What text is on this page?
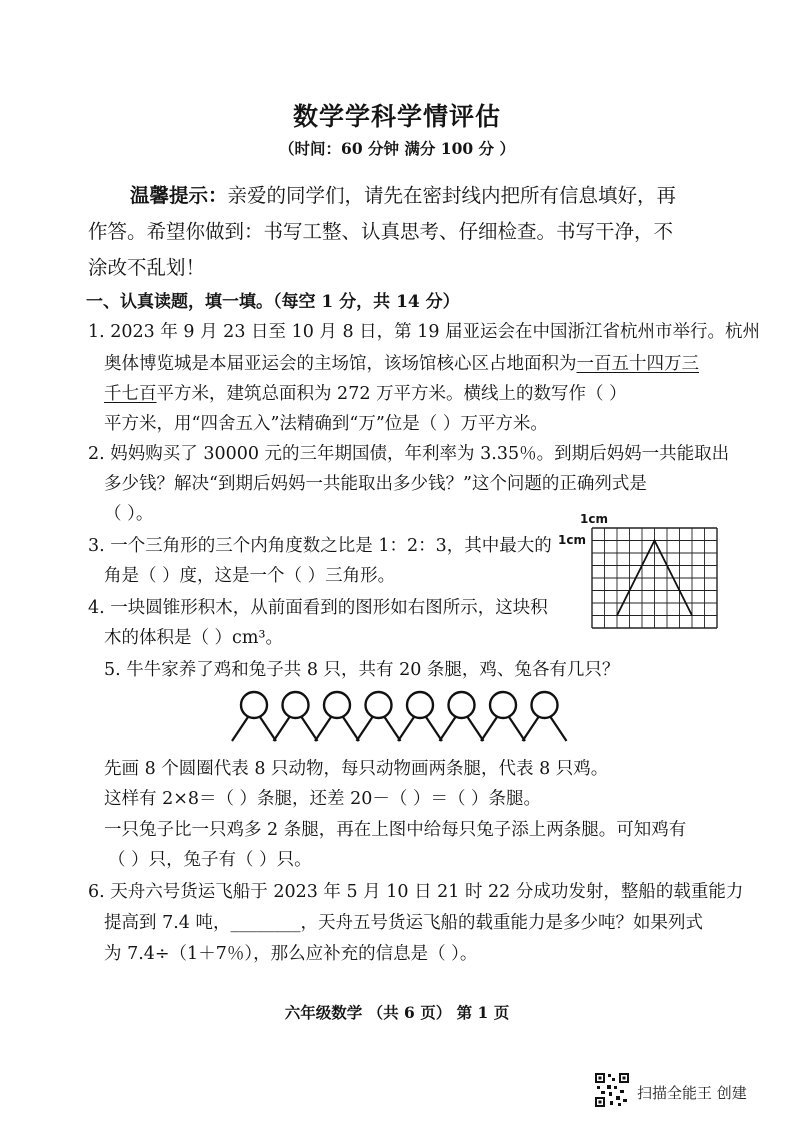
数学学科学情评估
（时间：60 分钟 满分 100 分 ）
温馨提示：亲爱的同学们，请先在密封线内把所有信息填好，再
作答。希望你做到：书写工整、认真思考、仔细检查。书写干净，不
涂改不乱划！
一、认真读题，填一填。（每空 1 分，共 14 分）
1. 2023 年 9 月 23 日至 10 月 8 日，第 19 届亚运会在中国浙江省杭州市举行。杭州
奥体博览城是本届亚运会的主场馆，该场馆核心区占地面积为一百五十四万三
千七百平方米，建筑总面积为 272 万平方米。横线上的数写作（ ）
平方米，用“四舍五入”法精确到“万”位是（ ）万平方米。
2. 妈妈购买了 30000 元的三年期国债，年利率为 3.35％。到期后妈妈一共能取出
多少钱？解决“到期后妈妈一共能取出多少钱？”这个问题的正确列式是
（ ）。
3. 一个三角形的三个内角度数之比是 1：2：3，其中最大的
角是（ ）度，这是一个（ ）三角形。
4. 一块圆锥形积木，从前面看到的图形如右图所示，这块积
木的体积是（ ）cm³。
1cm
1cm
5. 牛牛家养了鸡和兔子共 8 只，共有 20 条腿，鸡、兔各有几只？
先画 8 个圆圈代表 8 只动物，每只动物画两条腿，代表 8 只鸡。
这样有 2×8＝（ ）条腿，还差 20－（ ）＝（ ）条腿。
一只兔子比一只鸡多 2 条腿，再在上图中给每只兔子添上两条腿。可知鸡有
（ ）只，兔子有（ ）只。
6. 天舟六号货运飞船于 2023 年 5 月 10 日 21 时 22 分成功发射，整船的载重能力
提高到 7.4 吨，________，天舟五号货运飞船的载重能力是多少吨？如果列式
为 7.4÷（1＋7％），那么应补充的信息是（ ）。
六年级数学 （共 6 页） 第 1 页
扫描全能王 创建
